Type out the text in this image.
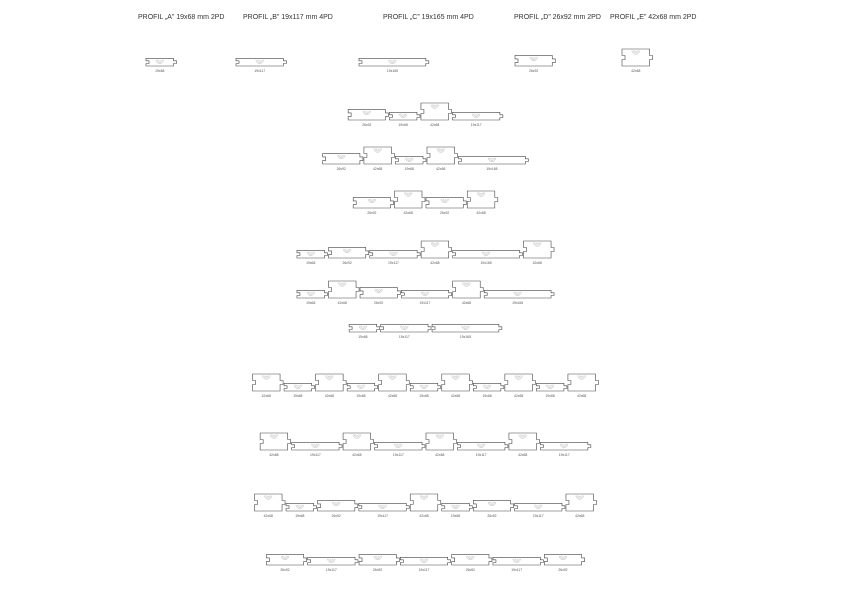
PROFIL „A” 19x68 mm 2PD	PROFIL „B” 19x117 mm 4PD	PROFIL „C” 19x165 mm 4PD	PROFIL „D” 26x92 mm 2PD PROFIL „E” 42x68 mm 2PD
19x68	19x117	19x165	26x92	42x68
26x92	19x68	42x68	19x117
26x92	42x68	19x68	42x68	19x165
26x92	42x68	26x92	42x68
19x68	26x92	19x117	42x68	19x165	42x68
19x68	42x68	26x92	19x117	42x68	19x165
19x68	19x117	19x165
42x68	19x68	42x68	19x68	42x68	19x68	42x68	19x68	42x68	19x68	42x68
42x68	19x117	42x68	19x117	42x68	19x117	42x68	19x117
42x68	19x68	26x92	19x117	42x68	19x68	26x92	19x117	42x68
26x92	19x117	26x92	19x117	26x92	19x117	26x92
